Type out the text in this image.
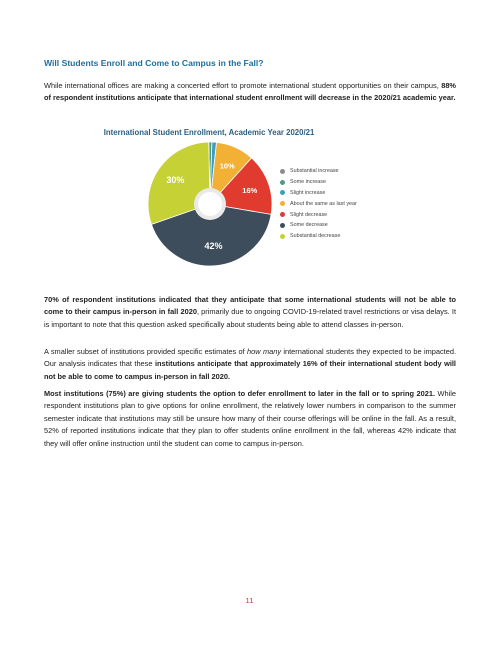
Will Students Enroll and Come to Campus in the Fall?
While international offices are making a concerted effort to promote international student opportunities on their campus, 88% of respondent institutions anticipate that international student enrollment will decrease in the 2020/21 academic year.
International Student Enrollment, Academic Year 2020/21
10%
16%
42%
30%
Substantial increase
Some increase
Slight increase
About the same as last year
Slight decrease
Some decrease
Substantial decrease
70% of respondent institutions indicated that they anticipate that some international students will not be able to come to their campus in-person in fall 2020, primarily due to ongoing COVID-19-related travel restrictions or visa delays. It is important to note that this question asked specifically about students being able to attend classes in-person.
A smaller subset of institutions provided specific estimates of how many international students they expected to be impacted. Our analysis indicates that these institutions anticipate that approximately 16% of their international student body will not be able to come to campus in-person in fall 2020.
Most institutions (75%) are giving students the option to defer enrollment to later in the fall or to spring 2021. While respondent institutions plan to give options for online enrollment, the relatively lower numbers in comparison to the summer semester indicate that institutions may still be unsure how many of their course offerings will be online in the fall. As a result, 52% of reported institutions indicate that they plan to offer students online enrollment in the fall, whereas 42% indicate that they will offer online instruction until the student can come to campus in-person.
11
